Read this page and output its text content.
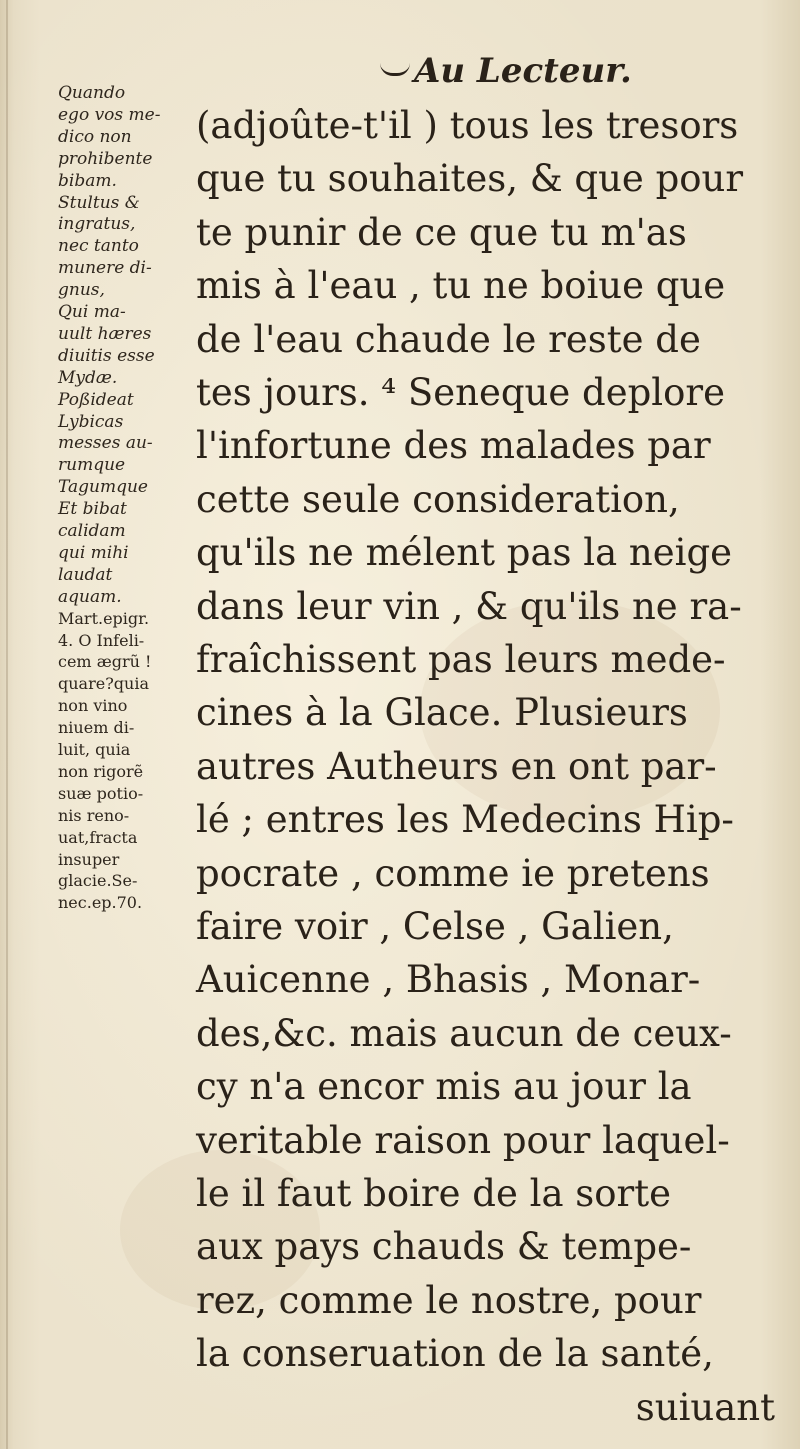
Au Lecteur.
Quando
ego vos me-
dico non
prohibente
bibam.
Stultus &
ingratus,
nec tanto
munere di-
gnus,
Qui ma-
uult hæres
diuitis esse
Mydæ.
Poßideat
Lybicas
messes au-
rumque
Tagumque
Et bibat
calidam
qui mihi
laudat
aquam.
Mart.epigr.
4. O Infeli-
cem ægrũ !
quare?quia
non vino
niuem di-
luit, quia
non rigorẽ
suæ potio-
nis reno-
uat,fracta
insuper
glacie.Se-
nec.ep.70.
(adjoûte-t'il ) tous les tresors
que tu souhaites, & que pour
te punir de ce que tu m'as
mis à l'eau , tu ne boiue que
de l'eau chaude le reste de
tes jours. ⁴ Seneque deplore
l'infortune des malades par
cette seule consideration,
qu'ils ne mélent pas la neige
dans leur vin , & qu'ils ne ra-
fraîchissent pas leurs mede-
cines à la Glace. Plusieurs
autres Autheurs en ont par-
lé ; entres les Medecins Hip-
pocrate , comme ie pretens
faire voir , Celse , Galien,
Auicenne , Bhasis , Monar-
des,&c. mais aucun de ceux-
cy n'a encor mis au jour la
veritable raison pour laquel-
le il faut boire de la sorte
aux pays chauds & tempe-
rez, comme le nostre, pour
la conseruation de la santé,
suiuant
